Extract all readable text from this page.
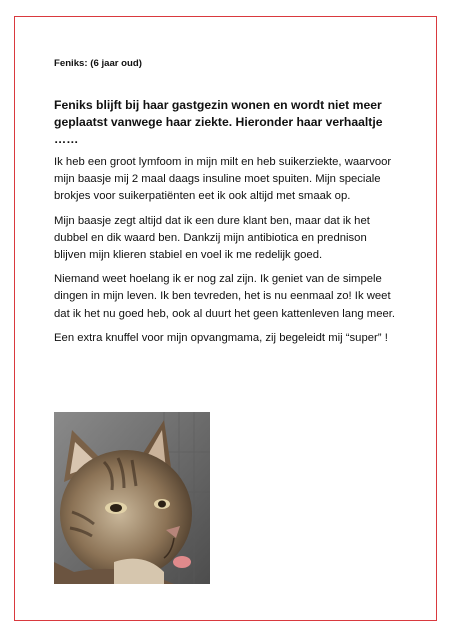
Feniks: (6 jaar oud)

Feniks blijft bij haar gastgezin wonen en wordt niet meer geplaatst vanwege haar ziekte. Hieronder haar verhaaltje ……

Ik heb een groot lymfoom in mijn milt en heb suikerziekte, waarvoor mijn baasje mij 2 maal daags insuline moet spuiten. Mijn speciale brokjes voor suikerpatiënten eet ik ook altijd met smaak op.

Mijn baasje zegt altijd dat ik een dure klant ben, maar dat ik het dubbel en dik waard ben. Dankzij mijn antibiotica en prednison blijven mijn klieren stabiel en voel ik me redelijk goed.

Niemand weet hoelang ik er nog zal zijn. Ik geniet van de simpele dingen in mijn leven. Ik ben tevreden, het is nu eenmaal zo! Ik weet dat ik het nu goed heb, ook al duurt het geen kattenleven lang meer.

Een extra knuffel voor mijn opvangmama, zij begeleidt mij “super” !
